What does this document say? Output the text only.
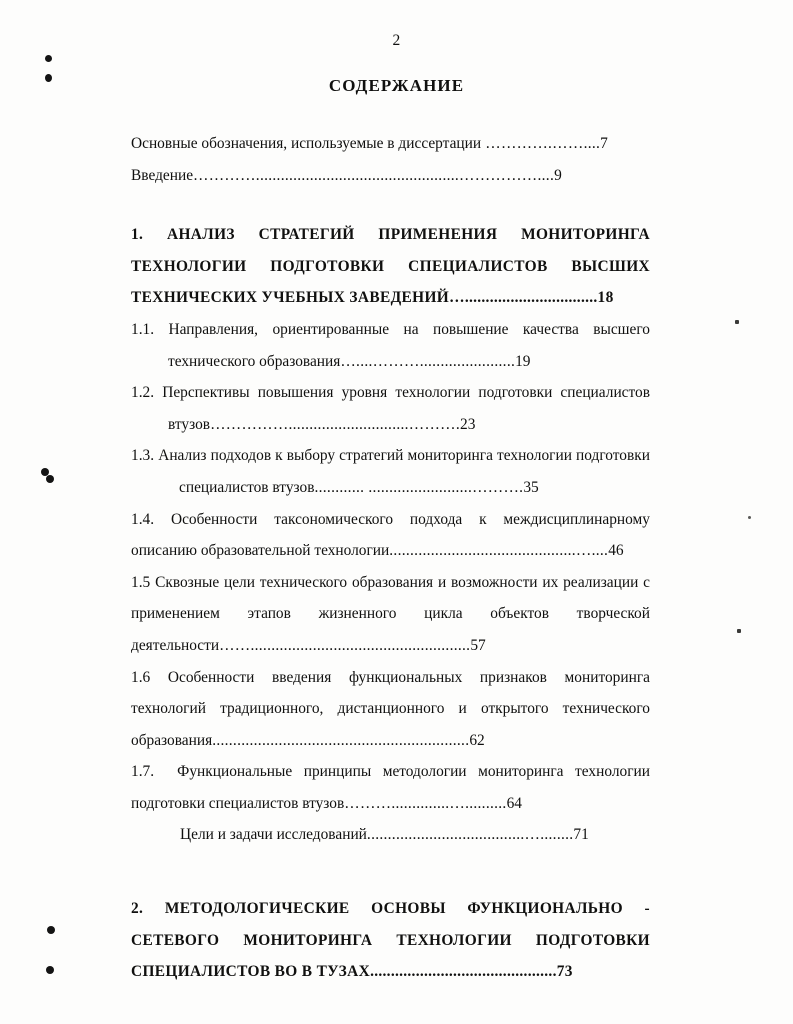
2
СОДЕРЖАНИЕ

Основные обозначения, используемые в диссертации ………….……....7

Введение………….................................................……………....9

1. АНАЛИЗ СТРАТЕГИЙ ПРИМЕНЕНИЯ МОНИТОРИНГА ТЕХНОЛОГИИ ПОДГОТОВКИ СПЕЦИАЛИСТОВ ВЫСШИХ ТЕХНИЧЕСКИХ УЧЕБНЫХ ЗАВЕДЕНИЙ…................................18

1.1. Направления, ориентированные на повышение качества высшего технического образования…....……….......................19

1.2. Перспективы повышения уровня технологии подготовки специалистов втузов…………….............................……….23

1.3. Анализ подходов к выбору стратегий мониторинга технологии подготовки специалистов втузов............ .........................……….35

1.4. Особенности таксономического подхода к междисциплинарному описанию образовательной технологии.............................................…....46

1.5 Сквозные цели технического образования и возможности их реализации с применением этапов жизненного цикла объектов творческой деятельности…….....................................................57

1.6 Особенности введения функциональных признаков мониторинга технологий традиционного, дистанционного и открытого технического образования..............................................................62

1.7. Функциональные принципы методологии мониторинга технологии подготовки специалистов втузов………..............…..........64

Цели и задачи исследований......................................…........71

2. МЕТОДОЛОГИЧЕСКИЕ ОСНОВЫ ФУНКЦИОНАЛЬНО - СЕТЕВОГО МОНИТОРИНГА ТЕХНОЛОГИИ ПОДГОТОВКИ СПЕЦИАЛИСТОВ ВО В ТУЗАХ.............................................73
